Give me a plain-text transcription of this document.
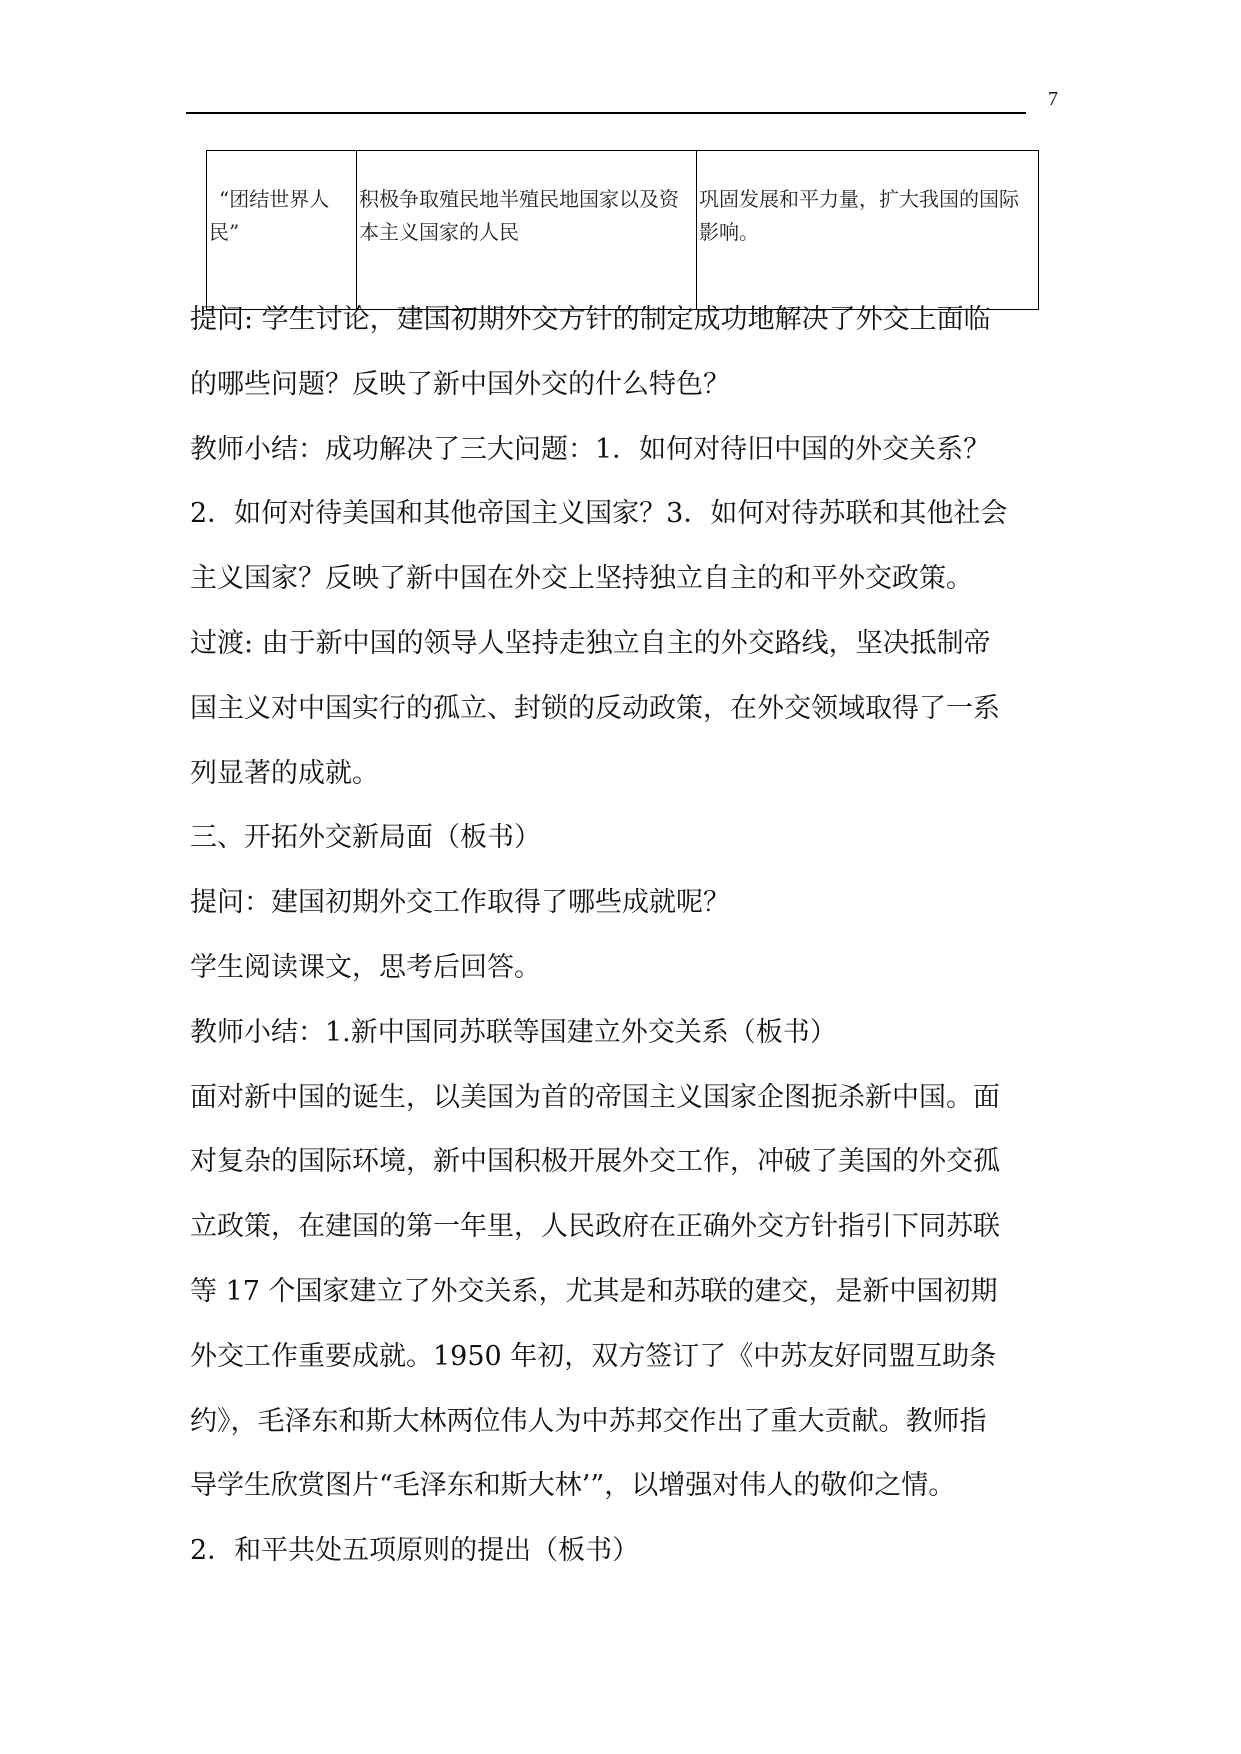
7
“团结世界人民”	积极争取殖民地半殖民地国家以及资本主义国家的人民	巩固发展和平力量，扩大我国的国际影响。

提问: 学生讨论，建国初期外交方针的制定成功地解决了外交上面临

的哪些问题？反映了新中国外交的什么特色？

教师小结：成功解决了三大问题：1．如何对待旧中国的外交关系？

2．如何对待美国和其他帝国主义国家？3．如何对待苏联和其他社会

主义国家？反映了新中国在外交上坚持独立自主的和平外交政策。

过渡: 由于新中国的领导人坚持走独立自主的外交路线，坚决抵制帝

国主义对中国实行的孤立、封锁的反动政策，在外交领域取得了一系

列显著的成就。

三、开拓外交新局面（板书）

提问：建国初期外交工作取得了哪些成就呢？

学生阅读课文，思考后回答。

教师小结：1.新中国同苏联等国建立外交关系（板书）

面对新中国的诞生，以美国为首的帝国主义国家企图扼杀新中国。面

对复杂的国际环境，新中国积极开展外交工作，冲破了美国的外交孤

立政策，在建国的第一年里，人民政府在正确外交方针指引下同苏联

等 17 个国家建立了外交关系，尤其是和苏联的建交，是新中国初期

外交工作重要成就。1950 年初，双方签订了《中苏友好同盟互助条

约》，毛泽东和斯大林两位伟人为中苏邦交作出了重大贡献。教师指

导学生欣赏图片“毛泽东和斯大林’”，以增强对伟人的敬仰之情。

2．和平共处五项原则的提出（板书）
